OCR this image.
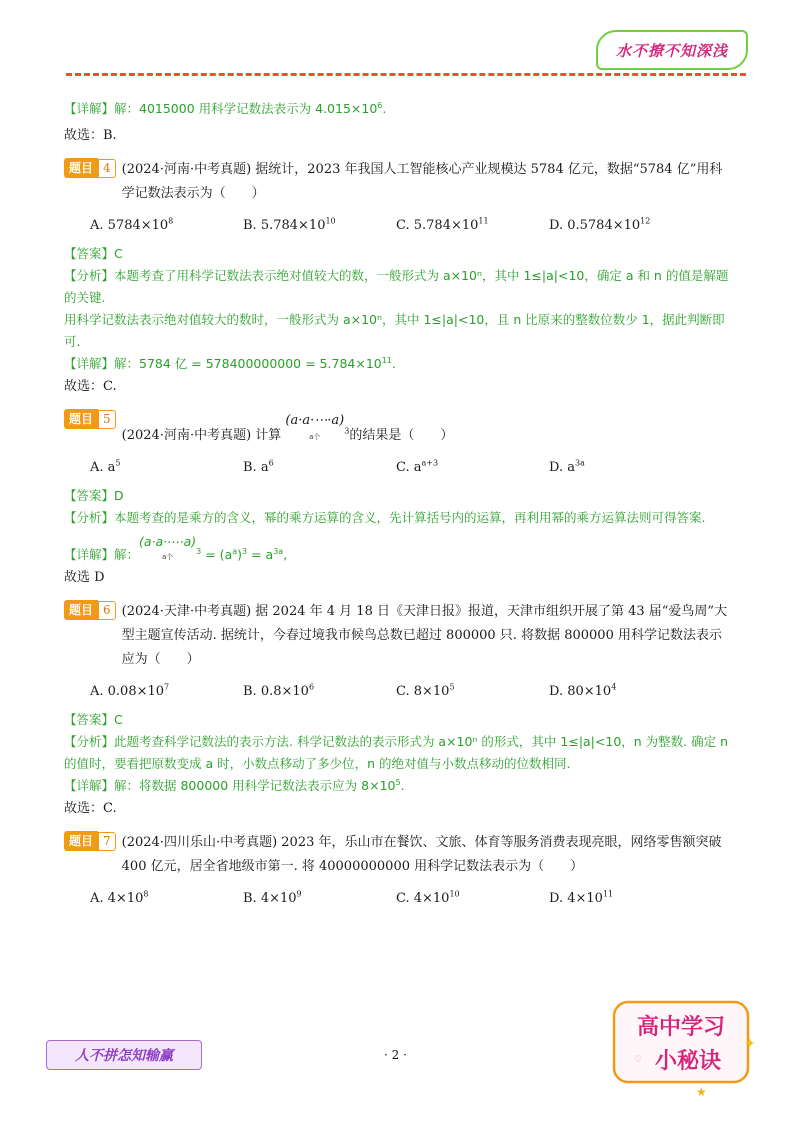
水不撩不知深浅
【详解】解：4015000 用科学记数法表示为 $4.015\times 10^6$.
故选：B.
题目 4 (2024·河南·中考真题) 据统计，2023 年我国人工智能核心产业规模达 5784 亿元，数据“5784 亿”用科学记数法表示为（　　）
A. $5784\times 10^8$	B. $5.784\times 10^{10}$	C. $5.784\times 10^{11}$	D. $0.5784\times 10^{12}$
【答案】C
【分析】本题考查了用科学记数法表示绝对值较大的数，一般形式为 a×10ⁿ，其中 1≤|a|<10，确定 a 和 n 的值是解题的关键.
用科学记数法表示绝对值较大的数时，一般形式为 a×10ⁿ，其中 1≤|a|<10，且 n 比原来的整数位数少 1，据此判断即可.
【详解】解：5784 亿 = $578400000000 = 5.784\times 10^{11}$.
故选：C.
题目 5
(2024·河南·中考真题) 计算 (a·a·⋯·a)
a个
$^3$的结果是（　　）
A. $a^5$	B. $a^6$	C. $a^{a+3}$	D. $a^{3a}$
【答案】D
【分析】本题考查的是乘方的含义，幂的乘方运算的含义，先计算括号内的运算，再利用幂的乘方运算法则可得答案.
【详解】解：(a·a·⋯·a)
a个
$^3 = (a^a)^3 = a^{3a}$,
故选 D
题目 6 (2024·天津·中考真题) 据 2024 年 4 月 18 日《天津日报》报道，天津市组织开展了第 43 届“爱鸟周”大型主题宣传活动. 据统计，今春过境我市候鸟总数已超过 800000 只. 将数据 800000 用科学记数法表示应为（　　）
A. $0.08\times 10^7$	B. $0.8\times 10^6$	C. $8\times 10^5$	D. $80\times 10^4$
【答案】C
【分析】此题考查科学记数法的表示方法. 科学记数法的表示形式为 a×10ⁿ 的形式，其中 1≤|a|<10，n 为整数. 确定 n 的值时，要看把原数变成 a 时，小数点移动了多少位，n 的绝对值与小数点移动的位数相同.
【详解】解：将数据 800000 用科学记数法表示应为 $8\times 10^5$.
故选：C.
题目 7 (2024·四川乐山·中考真题) 2023 年，乐山市在餐饮、文旅、体育等服务消费表现亮眼，网络零售额突破 400 亿元，居全省地级市第一. 将 40000000000 用科学记数法表示为（　　）
A. $4\times 10^8$	B. $4\times 10^9$	C. $4\times 10^{10}$	D. $4\times 10^{11}$
人不拼怎知输赢	· 2 ·
高中学习
小秘诀
✦
♡
★
